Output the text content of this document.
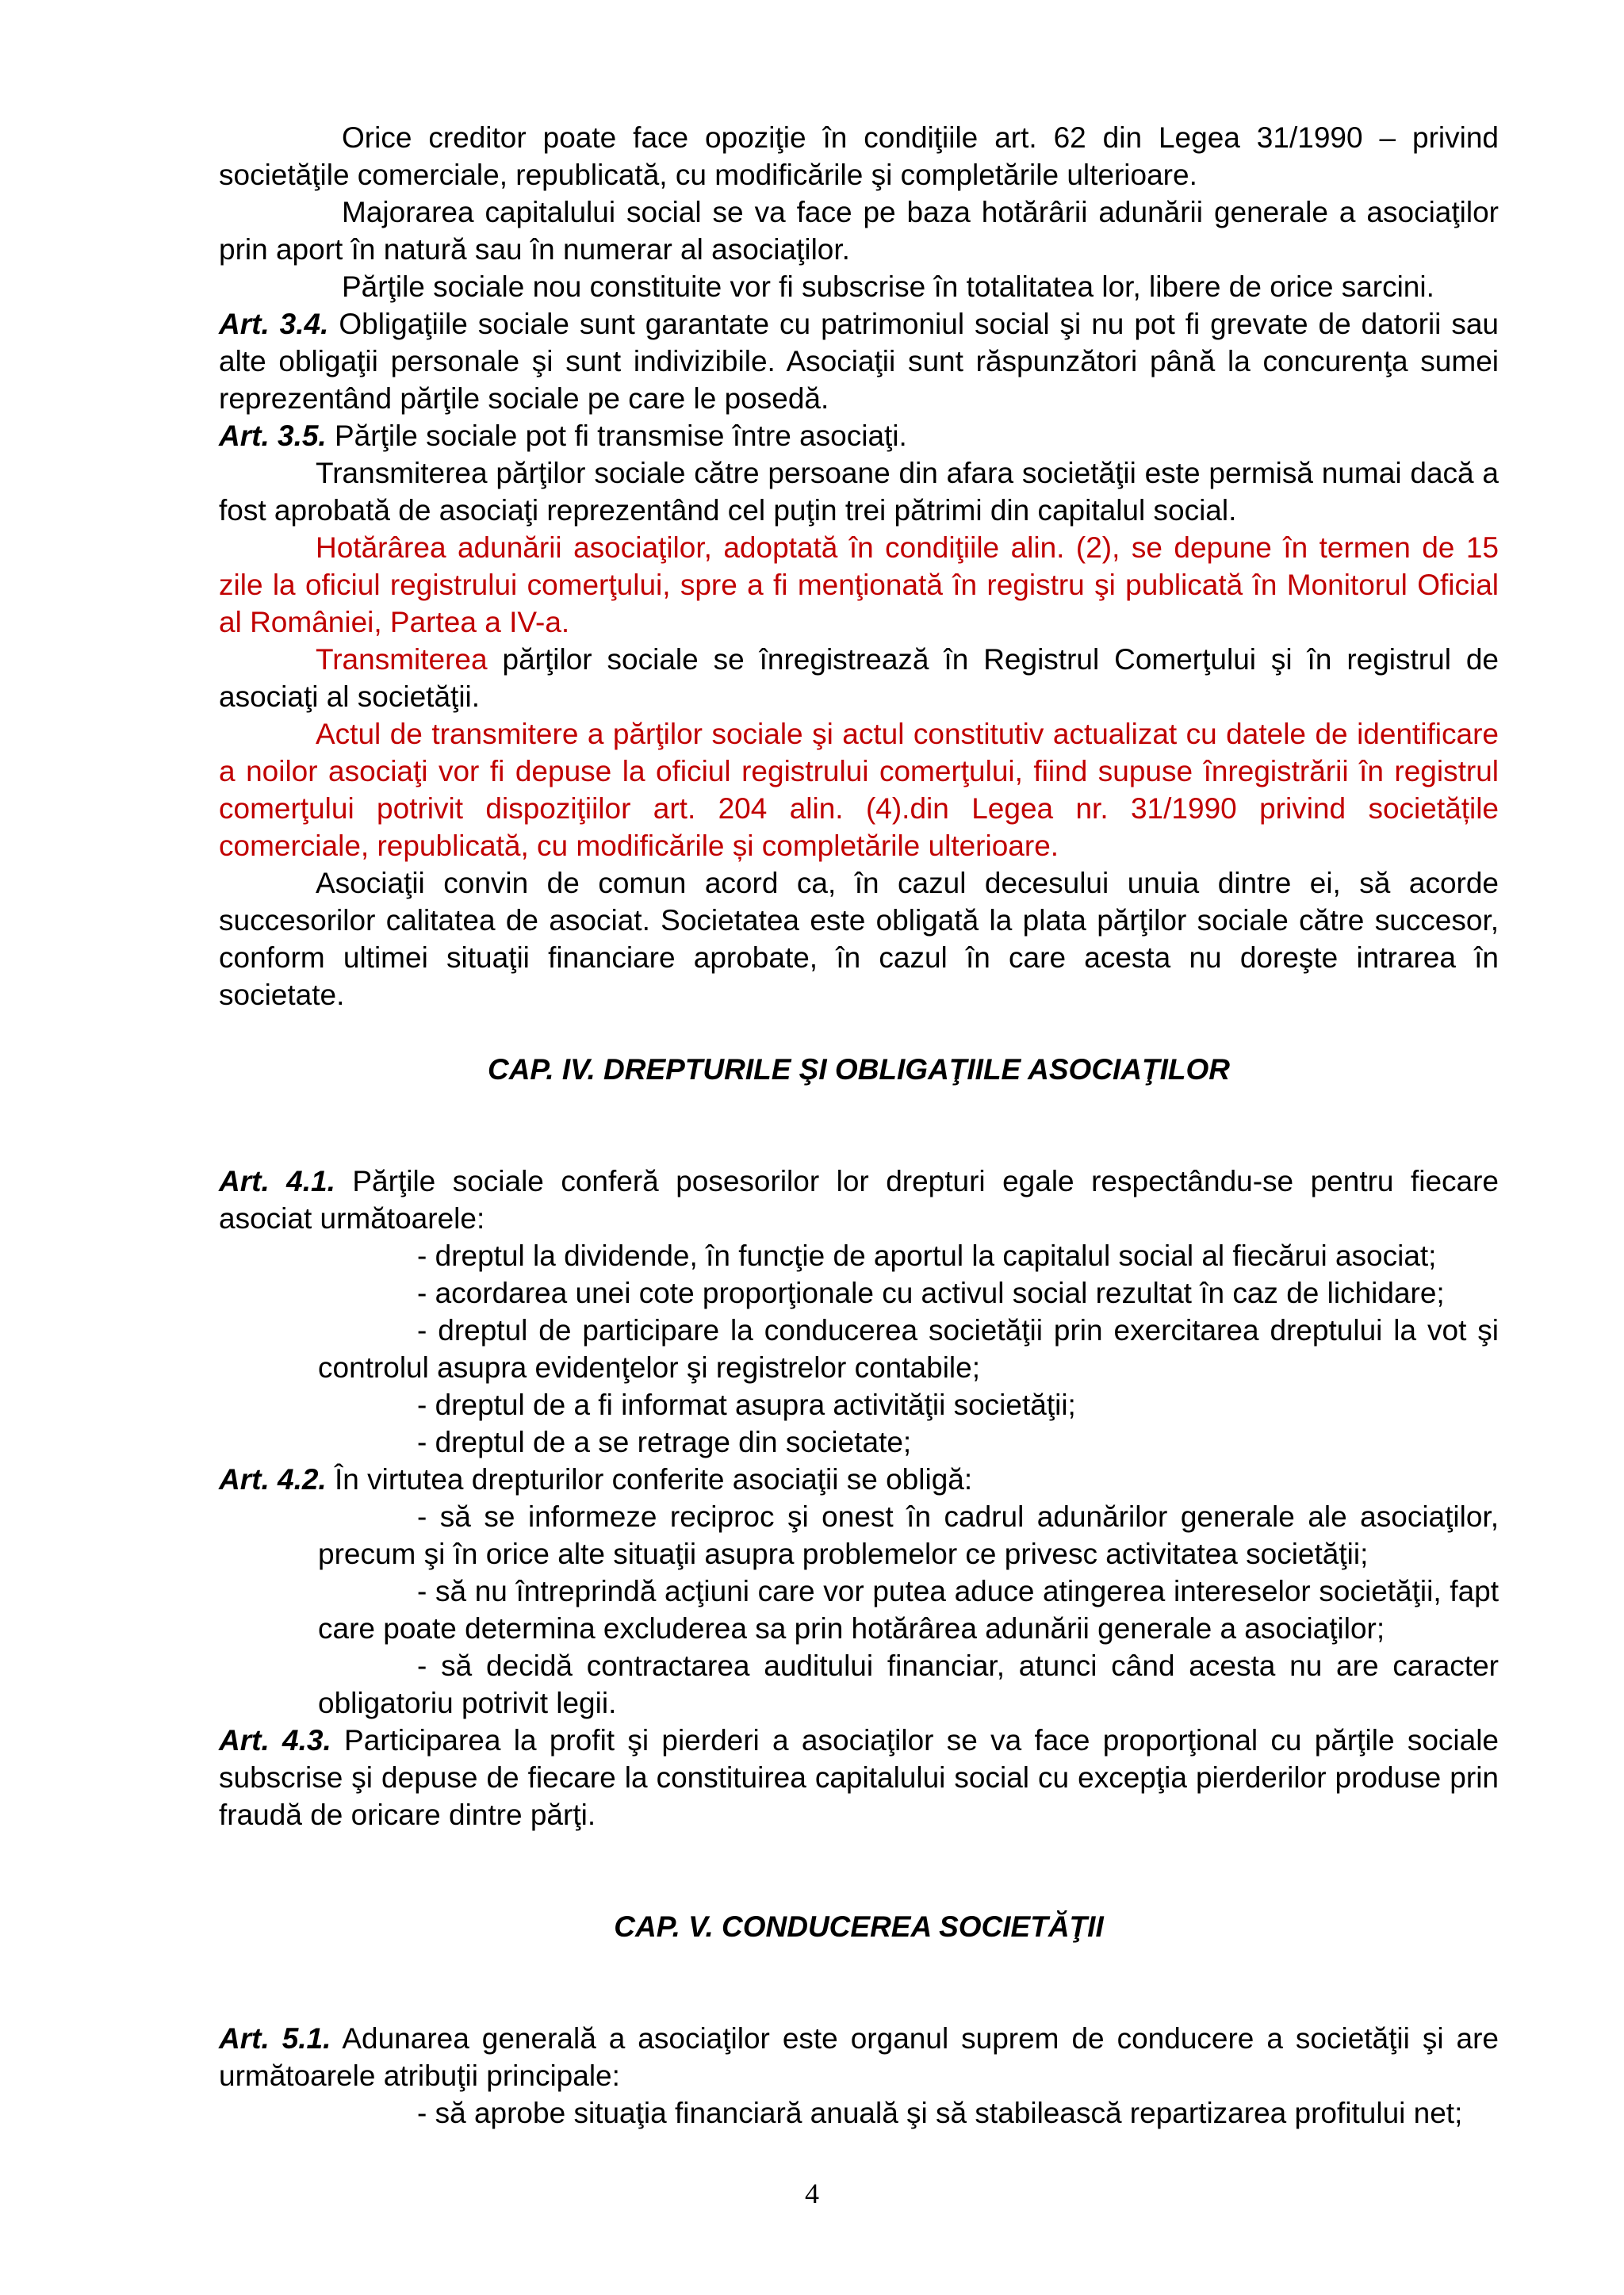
Orice creditor poate face opoziţie în condiţiile art. 62 din Legea 31/1990 – privind societăţile comerciale, republicată, cu modificările şi completările ulterioare.

Majorarea capitalului social se va face pe baza hotărârii adunării generale a asociaţilor prin aport în natură sau în numerar al asociaţilor.

Părţile sociale nou constituite vor fi subscrise în totalitatea lor, libere de orice sarcini.

Art. 3.4. Obligaţiile sociale sunt garantate cu patrimoniul social şi nu pot fi grevate de datorii sau alte obligaţii personale şi sunt indivizibile. Asociaţii sunt răspunzători până la concurenţa sumei reprezentând părţile sociale pe care le posedă.

Art. 3.5. Părţile sociale pot fi transmise între asociaţi.

Transmiterea părţilor sociale către persoane din afara societăţii este permisă numai dacă a fost aprobată de asociaţi reprezentând cel puţin trei pătrimi din capitalul social.

Hotărârea adunării asociaţilor, adoptată în condiţiile alin. (2), se depune în termen de 15 zile la oficiul registrului comerţului, spre a fi menţionată în registru şi publicată în Monitorul Oficial al României, Partea a IV-a.

Transmiterea părţilor sociale se înregistrează în Registrul Comerţului şi în registrul de asociaţi al societăţii.

Actul de transmitere a părţilor sociale şi actul constitutiv actualizat cu datele de identificare a noilor asociaţi vor fi depuse la oficiul registrului comerţului, fiind supuse înregistrării în registrul comerţului potrivit dispoziţiilor art. 204 alin. (4).din Legea nr. 31/1990 privind societățile comerciale, republicată, cu modificările și completările ulterioare.

Asociaţii convin de comun acord ca, în cazul decesului unuia dintre ei, să acorde succesorilor calitatea de asociat. Societatea este obligată la plata părţilor sociale către succesor, conform ultimei situaţii financiare aprobate, în cazul în care acesta nu doreşte intrarea în societate.

CAP. IV. DREPTURILE ŞI OBLIGAŢIILE ASOCIAŢILOR

Art. 4.1. Părţile sociale conferă posesorilor lor drepturi egale respectându-se pentru fiecare asociat următoarele:

- dreptul la dividende, în funcţie de aportul la capitalul social al fiecărui asociat;

- acordarea unei cote proporţionale cu activul social rezultat în caz de lichidare;

- dreptul de participare la conducerea societăţii prin exercitarea dreptului la vot şi controlul asupra evidenţelor şi registrelor contabile;

- dreptul de a fi informat asupra activităţii societăţii;

- dreptul de a se retrage din societate;

Art. 4.2. În virtutea drepturilor conferite asociaţii se obligă:

- să se informeze reciproc şi onest în cadrul adunărilor generale ale asociaţilor, precum şi în orice alte situaţii asupra problemelor ce privesc activitatea societăţii;

- să nu întreprindă acţiuni care vor putea aduce atingerea intereselor societăţii, fapt care poate determina excluderea sa prin hotărârea adunării generale a asociaţilor;

- să decidă contractarea auditului financiar, atunci când acesta nu are caracter obligatoriu potrivit legii.

Art. 4.3. Participarea la profit şi pierderi a asociaţilor se va face proporţional cu părţile sociale subscrise şi depuse de fiecare la constituirea capitalului social cu excepţia pierderilor produse prin fraudă de oricare dintre părţi.

CAP. V. CONDUCEREA SOCIETĂŢII

Art. 5.1. Adunarea generală a asociaţilor este organul suprem de conducere a societăţii şi are următoarele atribuţii principale:

- să aprobe situaţia financiară anuală şi să stabilească repartizarea profitului net;

4
